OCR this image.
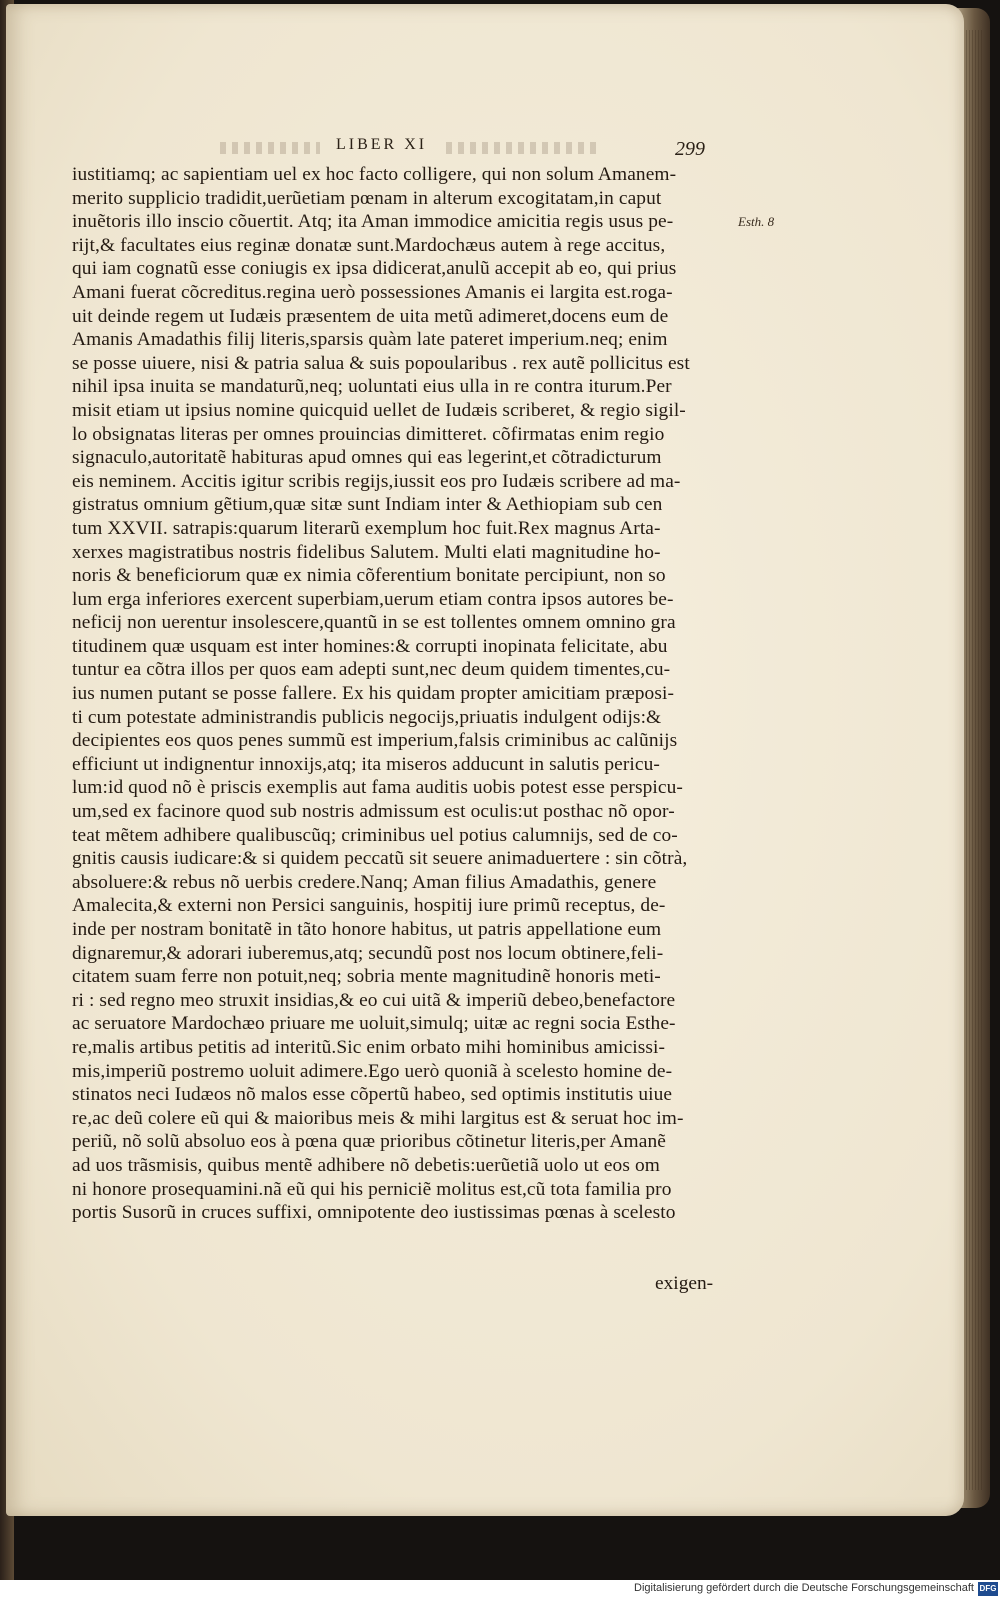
LIBER XI	299
Esth. 8
iustitiamq; ac sapientiam uel ex hoc facto colligere, qui non solum Amanem-
merito supplicio tradidit,uerũetiam pœnam in alterum excogitatam,in caput
inuẽtoris illo inscio cõuertit. Atq; ita Aman immodice amicitia regis usus pe-
rijt,& facultates eius reginæ donatæ sunt.Mardochæus autem à rege accitus,
qui iam cognatũ esse coniugis ex ipsa didicerat,anulũ accepit ab eo, qui prius
Amani fuerat cõcreditus.regina uerò possessiones Amanis ei largita est.roga-
uit deinde regem ut Iudæis præsentem de uita metũ adimeret,docens eum de
Amanis Amadathis filij literis,sparsis quàm late pateret imperium.neq; enim
se posse uiuere, nisi & patria salua & suis popoularibus . rex autẽ pollicitus est
nihil ipsa inuita se mandaturũ,neq; uoluntati eius ulla in re contra iturum.Per
misit etiam ut ipsius nomine quicquid uellet de Iudæis scriberet, & regio sigil-
lo obsignatas literas per omnes prouincias dimitteret. cõfirmatas enim regio
signaculo,autoritatẽ habituras apud omnes qui eas legerint,et cõtradicturum
eis neminem. Accitis igitur scribis regijs,iussit eos pro Iudæis scribere ad ma-
gistratus omnium gẽtium,quæ sitæ sunt Indiam inter & Aethiopiam sub cen
tum XXVII. satrapis:quarum literarũ exemplum hoc fuit.Rex magnus Arta-
xerxes magistratibus nostris fidelibus Salutem. Multi elati magnitudine ho-
noris & beneficiorum quæ ex nimia cõferentium bonitate percipiunt, non so
lum erga inferiores exercent superbiam,uerum etiam contra ipsos autores be-
neficij non uerentur insolescere,quantũ in se est tollentes omnem omnino gra
titudinem quæ usquam est inter homines:& corrupti inopinata felicitate, abu
tuntur ea cõtra illos per quos eam adepti sunt,nec deum quidem timentes,cu-
ius numen putant se posse fallere. Ex his quidam propter amicitiam præposi-
ti cum potestate administrandis publicis negocijs,priuatis indulgent odijs:&
decipientes eos quos penes summũ est imperium,falsis criminibus ac calũnijs
efficiunt ut indignentur innoxijs,atq; ita miseros adducunt in salutis pericu-
lum:id quod nõ è priscis exemplis aut fama auditis uobis potest esse perspicu-
um,sed ex facinore quod sub nostris admissum est oculis:ut posthac nõ opor-
teat mẽtem adhibere qualibuscũq; criminibus uel potius calumnijs, sed de co-
gnitis causis iudicare:& si quidem peccatũ sit seuere animaduertere : sin cõtrà,
absoluere:& rebus nõ uerbis credere.Nanq; Aman filius Amadathis, genere
Amalecita,& externi non Persici sanguinis, hospitij iure primũ receptus, de-
inde per nostram bonitatẽ in tãto honore habitus, ut patris appellatione eum
dignaremur,& adorari iuberemus,atq; secundũ post nos locum obtinere,feli-
citatem suam ferre non potuit,neq; sobria mente magnitudinẽ honoris meti-
ri : sed regno meo struxit insidias,& eo cui uitã & imperiũ debeo,benefactore
ac seruatore Mardochæo priuare me uoluit,simulq; uitæ ac regni socia Esthe-
re,malis artibus petitis ad interitũ.Sic enim orbato mihi hominibus amicissi-
mis,imperiũ postremo uoluit adimere.Ego uerò quoniã à scelesto homine de-
stinatos neci Iudæos nõ malos esse cõpertũ habeo, sed optimis institutis uiue
re,ac deũ colere eũ qui & maioribus meis & mihi largitus est & seruat hoc im-
periũ, nõ solũ absoluo eos à pœna quæ prioribus cõtinetur literis,per Amanẽ
ad uos trãsmisis, quibus mentẽ adhibere nõ debetis:uerũetiã uolo ut eos om
ni honore prosequamini.nã eũ qui his perniciẽ molitus est,cũ tota familia pro
portis Susorũ in cruces suffixi, omnipotente deo iustissimas pœnas à scelesto
exigen-
Digitalisierung gefördert durch die Deutsche Forschungsgemeinschaft DFG
